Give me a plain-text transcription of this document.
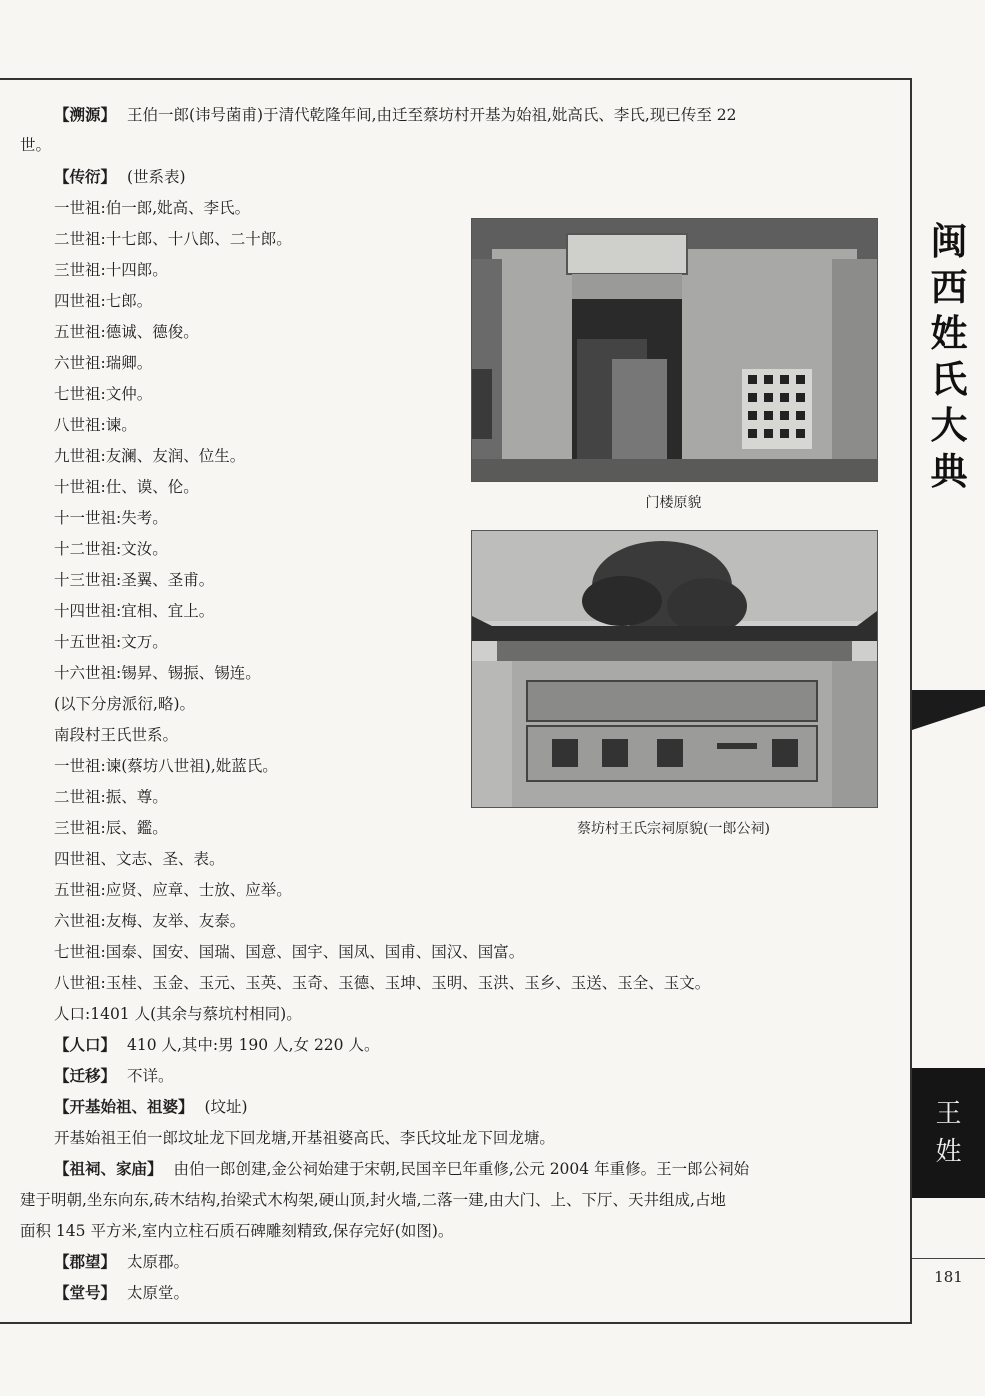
闽
西
姓
氏
大
典
王
姓
181
【溯源】 王伯一郎(讳号菌甫)于清代乾隆年间,由迁至蔡坊村开基为始祖,妣高氏、李氏,现已传至 22
世。
【传衍】 (世系表)
一世祖:伯一郎,妣高、李氏。
二世祖:十七郎、十八郎、二十郎。
三世祖:十四郎。
四世祖:七郎。
五世祖:德诚、德俊。
六世祖:瑞卿。
七世祖:文仲。
八世祖:谏。
九世祖:友澜、友润、位生。
十世祖:仕、谟、伦。
十一世祖:失考。
十二世祖:文汝。
十三世祖:圣翼、圣甫。
十四世祖:宜相、宜上。
十五世祖:文万。
十六世祖:锡昇、锡振、锡连。
(以下分房派衍,略)。
南段村王氏世系。
一世祖:谏(蔡坊八世祖),妣蓝氏。
二世祖:振、尊。
三世祖:辰、鑑。
四世祖、文志、圣、表。
五世祖:应贤、应章、士放、应举。
六世祖:友梅、友举、友泰。
七世祖:国泰、国安、国瑞、国意、国宇、国凤、国甫、国汉、国富。
八世祖:玉桂、玉金、玉元、玉英、玉奇、玉德、玉坤、玉明、玉洪、玉乡、玉送、玉全、玉文。
人口:1401 人(其余与蔡坑村相同)。
【人口】 410 人,其中:男 190 人,女 220 人。
【迁移】 不详。
【开基始祖、祖婆】 (坟址)
开基始祖王伯一郎坟址龙下回龙塘,开基祖婆高氏、李氏坟址龙下回龙塘。
【祖祠、家庙】 由伯一郎创建,金公祠始建于宋朝,民国辛巳年重修,公元 2004 年重修。王一郎公祠始
建于明朝,坐东向东,砖木结构,抬梁式木构架,硬山顶,封火墙,二落一建,由大门、上、下厅、天井组成,占地
面积 145 平方米,室内立柱石质石碑雕刻精致,保存完好(如图)。
【郡望】 太原郡。
【堂号】 太原堂。
门楼原貌
蔡坊村王氏宗祠原貌(一郎公祠)
